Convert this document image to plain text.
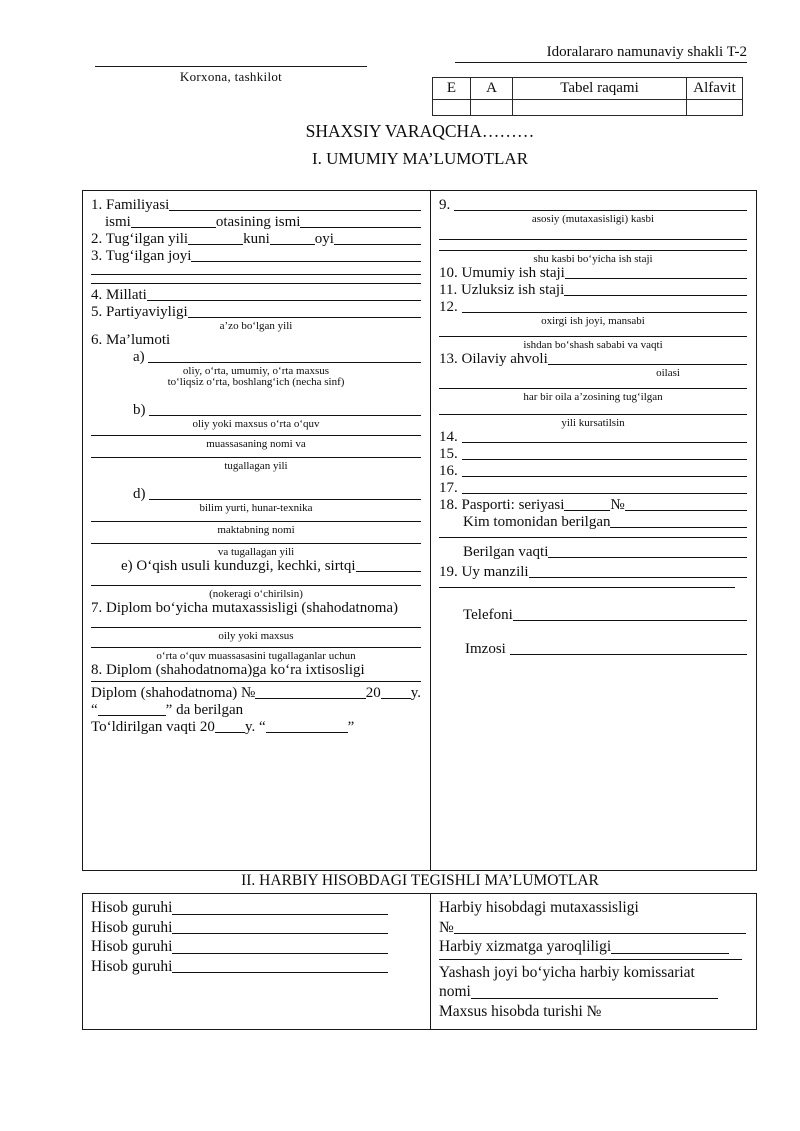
Korxona, tashkilot
Idoralararo namunaviy shakli T-2
E	A	Tabel raqami	Alfavit
SHAXSIY VARAQCHA………
I. UMUMIY MA’LUMOTLAR
1. Familiyasi
ismi	otasining ismi
2. Tug‘ilgan yili	kuni	oyi
3. Tug‘ilgan joyi
4. Millati
5. Partiyaviyligi
a’zo bo‘lgan yili
6. Ma’lumoti
a)
oliy, o‘rta, umumiy, o‘rta maxsus
to‘liqsiz o‘rta, boshlang‘ich (necha sinf)
b)
oliy yoki maxsus o‘rta o‘quv
muassasaning nomi va
tugallagan yili
d)
bilim yurti, hunar-texnika
maktabning nomi
va tugallagan yili
e) O‘qish usuli kunduzgi, kechki, sirtqi
(nokeragi o‘chirilsin)
7. Diplom bo‘yicha mutaxassisligi (shahodatnoma)
oily yoki maxsus
o‘rta o‘quv muassasasini tugallaganlar uchun
8. Diplom (shahodatnoma)ga ko‘ra ixtisosligi
Diplom (shahodatnoma) №	20 y.
“	” da berilgan
To‘ldirilgan vaqti 20 y. “	”
9.
asosiy (mutaxasisligi) kasbi
shu kasbi bo‘yicha ish staji
10. Umumiy ish staji
11. Uzluksiz ish staji
12.
oxirgi ish joyi, mansabi
ishdan bo‘shash sababi va vaqti
13. Oilaviy ahvoli
oilasi
har bir oila a’zosining tug‘ilgan
yili kursatilsin
14.
15.
16.
17.
18. Pasporti: seriyasi	№
Kim tomonidan berilgan
Berilgan vaqti
19. Uy manzili
Telefoni
Imzosi
II. HARBIY HISOBDAGI TEGISHLI MA’LUMOTLAR
Hisob guruhi
Hisob guruhi
Hisob guruhi
Hisob guruhi
Harbiy hisobdagi mutaxassisligi
№
Harbiy xizmatga yaroqliligi
Yashash joyi bo‘yicha harbiy komissariat
nomi
Maxsus hisobda turishi №
